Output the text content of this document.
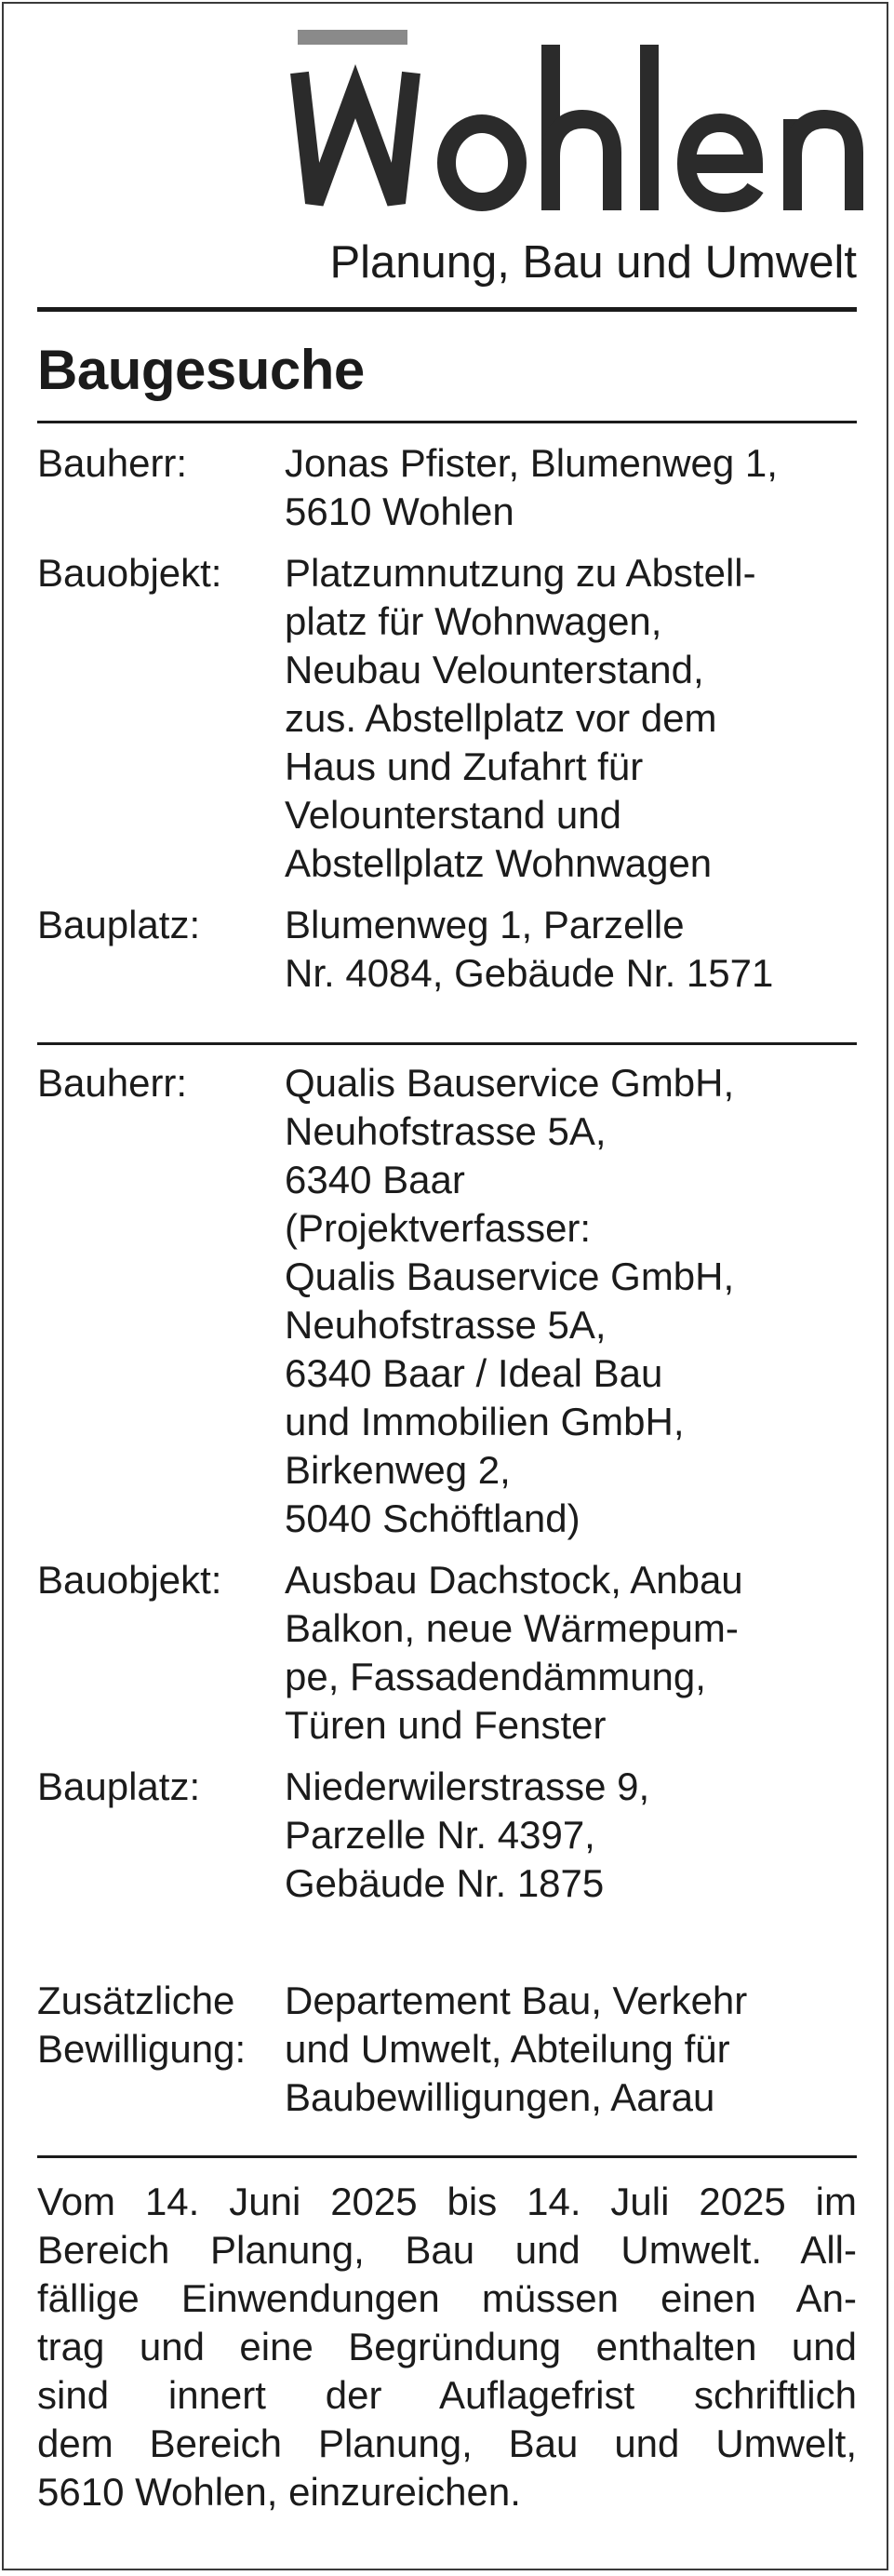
Planung, Bau und Umwelt
Baugesuche
Bauherr:	Jonas Pfister, Blumenweg 1,
5610 Wohlen
Bauobjekt:	Platzumnutzung zu Abstell-
platz für Wohnwagen,
Neubau Velounterstand,
zus. Abstellplatz vor dem
Haus und Zufahrt für
Velounterstand und
Abstellplatz Wohnwagen
Bauplatz:	Blumenweg 1, Parzelle
Nr. 4084, Gebäude Nr. 1571
Bauherr:	Qualis Bauservice GmbH,
Neuhofstrasse 5A,
6340 Baar
(Projektverfasser:
Qualis Bauservice GmbH,
Neuhofstrasse 5A,
6340 Baar / Ideal Bau
und Immobilien GmbH,
Birkenweg 2,
5040 Schöftland)
Bauobjekt:	Ausbau Dachstock, Anbau
Balkon, neue Wärmepum-
pe, Fassadendämmung,
Türen und Fenster
Bauplatz:	Niederwilerstrasse 9,
Parzelle Nr. 4397,
Gebäude Nr. 1875
Zusätzliche
Bewilligung:
Departement Bau, Verkehr
und Umwelt, Abteilung für
Baubewilligungen, Aarau
Vom 14. Juni 2025 bis 14. Juli 2025 im
Bereich Planung, Bau und Umwelt. All-
fällige Einwendungen müssen einen An-
trag und eine Begründung enthalten und
sind innert der Auflagefrist schriftlich
dem Bereich Planung, Bau und Umwelt,
5610 Wohlen, einzureichen.
